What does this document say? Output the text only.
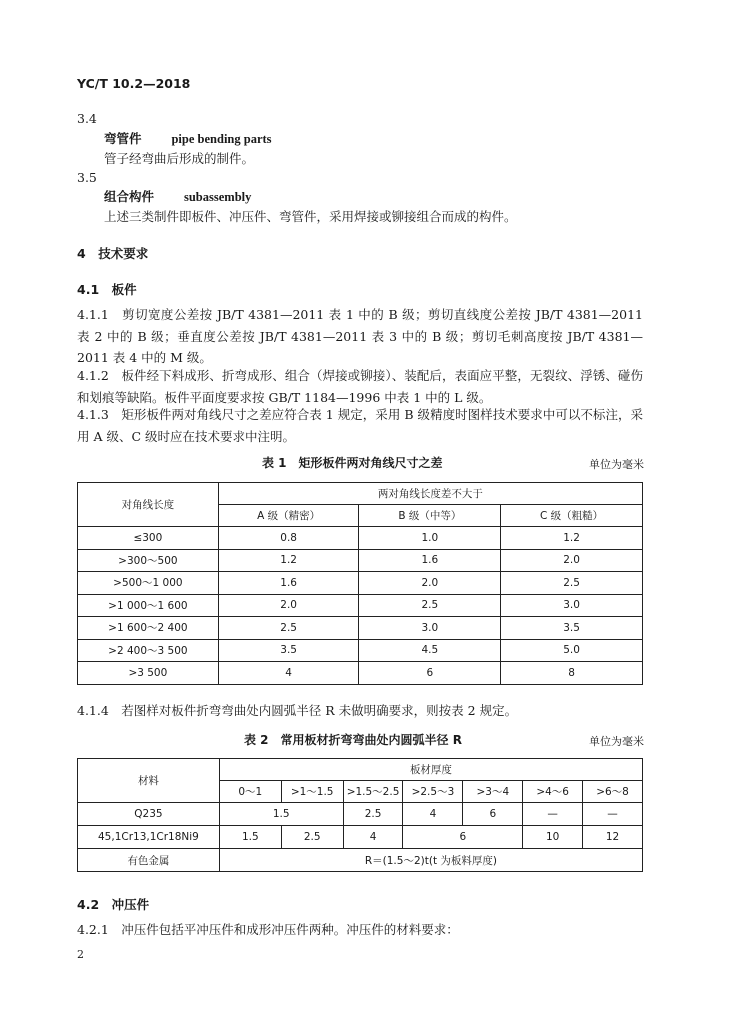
YC/T 10.2—2018
3.4
弯管件 pipe bending parts
管子经弯曲后形成的制件。
3.5
组合构件 subassembly
上述三类制件即板件、冲压件、弯管件，采用焊接或铆接组合而成的构件。
4　技术要求
4.1　板件
4.1.1　剪切宽度公差按 JB/T 4381—2011 表 1 中的 B 级；剪切直线度公差按 JB/T 4381—2011 表 2 中的 B 级；垂直度公差按 JB/T 4381—2011 表 3 中的 B 级；剪切毛刺高度按 JB/T 4381—2011 表 4 中的 M 级。
4.1.2　板件经下料成形、折弯成形、组合（焊接或铆接）、装配后，表面应平整，无裂纹、浮锈、碰伤和划痕等缺陷。板件平面度要求按 GB/T 1184—1996 中表 1 中的 L 级。
4.1.3　矩形板件两对角线尺寸之差应符合表 1 规定，采用 B 级精度时图样技术要求中可以不标注，采用 A 级、C 级时应在技术要求中注明。
表 1　矩形板件两对角线尺寸之差	单位为毫米
对角线长度	两对角线长度差不大于		
	A 级（精密）	B 级（中等）	C 级（粗糙）
≤300	0.8	1.0	1.2
>300～500	1.2	1.6	2.0
>500～1 000	1.6	2.0	2.5
>1 000～1 600	2.0	2.5	3.0
>1 600～2 400	2.5	3.0	3.5
>2 400～3 500	3.5	4.5	5.0
>3 500	4	6	8
4.1.4　若图样对板件折弯弯曲处内圆弧半径 R 未做明确要求，则按表 2 规定。
表 2　常用板材折弯弯曲处内圆弧半径 R	单位为毫米
材料	板材厚度						
	0～1	>1～1.5	>1.5～2.5	>2.5～3	>3～4	>4～6	>6～8
Q235	1.5		2.5	4	6	—	—
45,1Cr13,1Cr18Ni9	1.5	2.5	4	6		10	12
有色金属	R＝(1.5～2)t(t 为板料厚度)						
4.2　冲压件
4.2.1　冲压件包括平冲压件和成形冲压件两种。冲压件的材料要求：
2
